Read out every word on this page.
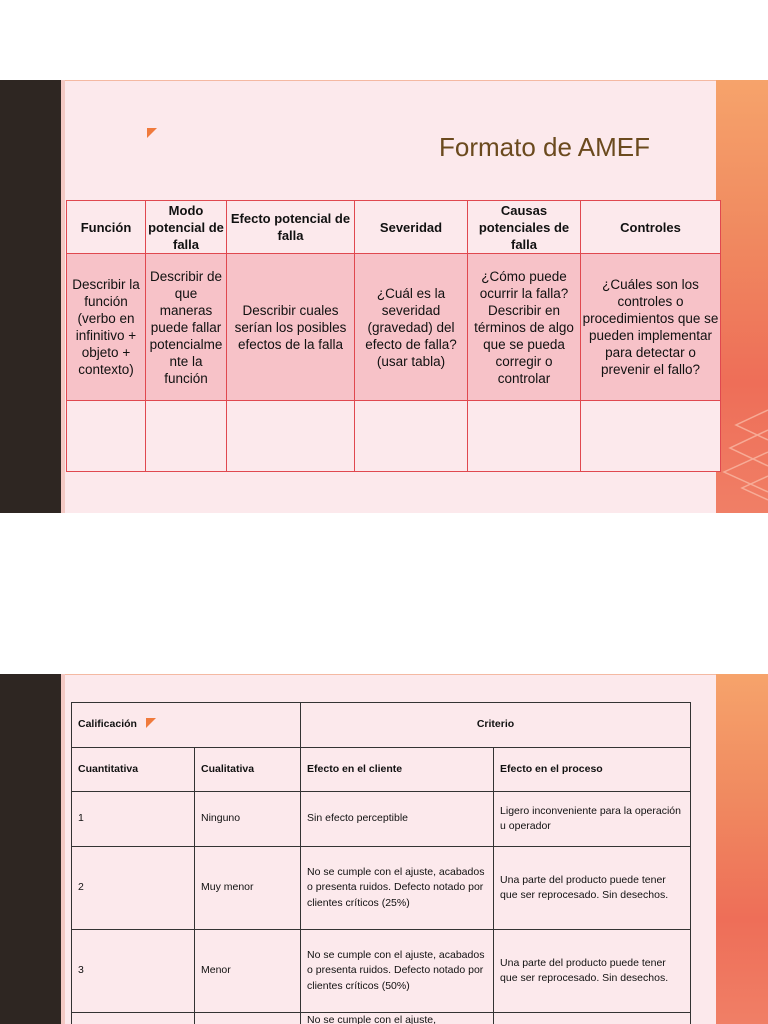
Formato de AMEF
Función	Modo potencial de falla	Efecto potencial de falla	Severidad	Causas potenciales de falla	Controles
Describir la función (verbo en infinitivo + objeto + contexto)	Describir de que maneras puede fallar potencialme nte la función	Describir cuales serían los posibles efectos de la falla	¿Cuál es la severidad (gravedad) del efecto de falla? (usar tabla)	¿Cómo puede ocurrir la falla? Describir en términos de algo que se pueda corregir o controlar	¿Cuáles son los controles o procedimientos que se pueden implementar para detectar o prevenir el fallo?

Calificación		Criterio	
Cuantitativa	Cualitativa	Efecto en el cliente	Efecto en el proceso
1	Ninguno	Sin efecto perceptible	Ligero inconveniente para la operación u operador
2	Muy menor	No se cumple con el ajuste, acabados o presenta ruidos. Defecto notado por clientes críticos (25%)	Una parte del producto puede tener que ser reprocesado. Sin desechos.
3	Menor	No se cumple con el ajuste, acabados o presenta ruidos. Defecto notado por clientes críticos (50%)	Una parte del producto puede tener que ser reprocesado. Sin desechos.
		No se cumple con el ajuste,	
